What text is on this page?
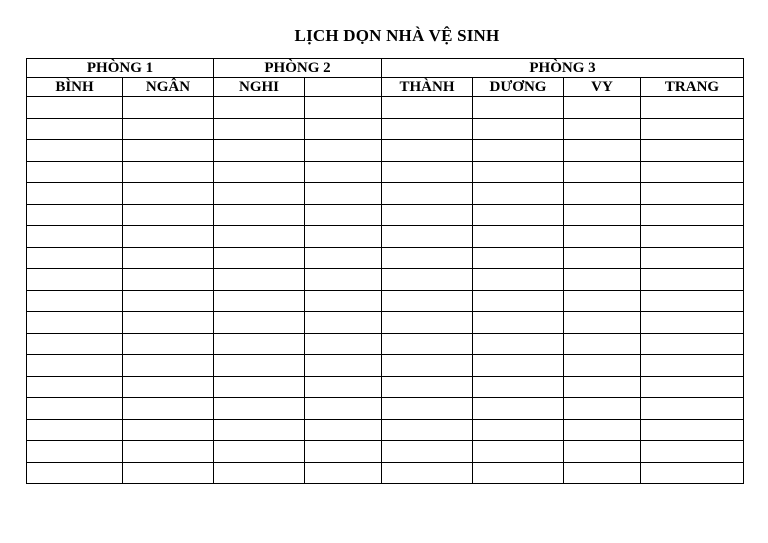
LỊCH DỌN NHÀ VỆ SINH
PHÒNG 1		PHÒNG 2		PHÒNG 3			
BÌNH	NGÂN	NGHI		THÀNH	DƯƠNG	VY	TRANG
